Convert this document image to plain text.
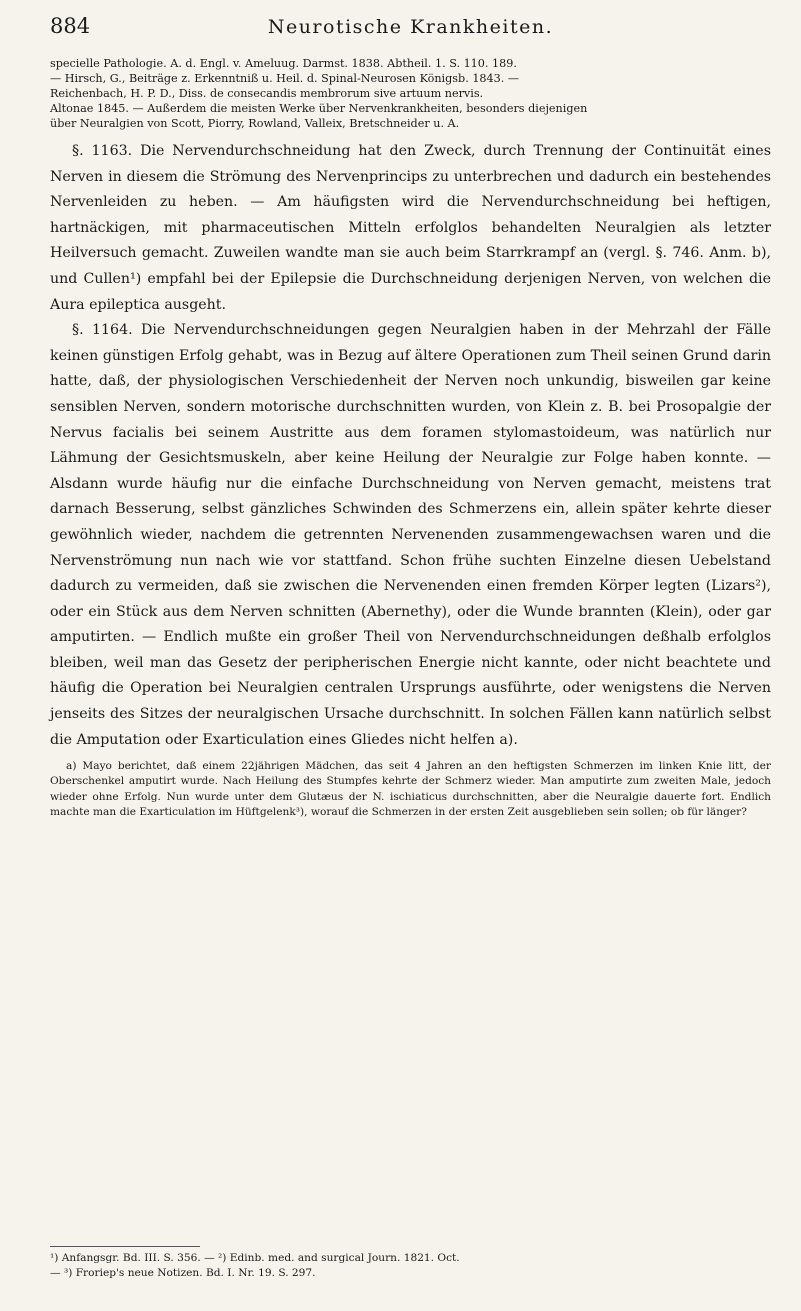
884	Neurotische Krankheiten.

specielle Pathologie. A. d. Engl. v. Ameluug. Darmst. 1838. Abtheil. 1. S. 110. 189.

— Hirsch, G., Beiträge z. Erkenntniß u. Heil. d. Spinal-Neurosen Königsb. 1843. —

Reichenbach, H. P. D., Diss. de consecandis membrorum sive artuum nervis.

Altonae 1845. — Außerdem die meisten Werke über Nervenkrankheiten, besonders diejenigen

über Neuralgien von Scott, Piorry, Rowland, Valleix, Bretschneider u. A.

§. 1163. Die Nervendurchschneidung hat den Zweck, durch Trennung der Continuität eines Nerven in diesem die Strömung des Nervenprincips zu unterbrechen und dadurch ein bestehendes Nervenleiden zu heben. — Am häufigsten wird die Nervendurchschneidung bei heftigen, hartnäckigen, mit pharmaceutischen Mitteln erfolglos behandelten Neuralgien als letzter Heilversuch gemacht. Zuweilen wandte man sie auch beim Starrkrampf an (vergl. §. 746. Anm. b), und Cullen¹) empfahl bei der Epilepsie die Durchschneidung derjenigen Nerven, von welchen die Aura epileptica ausgeht.

§. 1164. Die Nervendurchschneidungen gegen Neuralgien haben in der Mehrzahl der Fälle keinen günstigen Erfolg gehabt, was in Bezug auf ältere Operationen zum Theil seinen Grund darin hatte, daß, der physiologischen Verschiedenheit der Nerven noch unkundig, bisweilen gar keine sensiblen Nerven, sondern motorische durchschnitten wurden, von Klein z. B. bei Prosopalgie der Nervus facialis bei seinem Austritte aus dem foramen stylomastoideum, was natürlich nur Lähmung der Gesichtsmuskeln, aber keine Heilung der Neuralgie zur Folge haben konnte. — Alsdann wurde häufig nur die einfache Durchschneidung von Nerven gemacht, meistens trat darnach Besserung, selbst gänzliches Schwinden des Schmerzens ein, allein später kehrte dieser gewöhnlich wieder, nachdem die getrennten Nervenenden zusammengewachsen waren und die Nervenströmung nun nach wie vor stattfand. Schon frühe suchten Einzelne diesen Uebelstand dadurch zu vermeiden, daß sie zwischen die Nervenenden einen fremden Körper legten (Lizars²), oder ein Stück aus dem Nerven schnitten (Abernethy), oder die Wunde brannten (Klein), oder gar amputirten. — Endlich mußte ein großer Theil von Nervendurchschneidungen deßhalb erfolglos bleiben, weil man das Gesetz der peripherischen Energie nicht kannte, oder nicht beachtete und häufig die Operation bei Neuralgien centralen Ursprungs ausführte, oder wenigstens die Nerven jenseits des Sitzes der neuralgischen Ursache durchschnitt. In solchen Fällen kann natürlich selbst die Amputation oder Exarticulation eines Gliedes nicht helfen a).

a) Mayo berichtet, daß einem 22jährigen Mädchen, das seit 4 Jahren an den heftigsten Schmerzen im linken Knie litt, der Oberschenkel amputirt wurde. Nach Heilung des Stumpfes kehrte der Schmerz wieder. Man amputirte zum zweiten Male, jedoch wieder ohne Erfolg. Nun wurde unter dem Glutæus der N. ischiaticus durchschnitten, aber die Neuralgie dauerte fort. Endlich machte man die Exarticulation im Hüftgelenk³), worauf die Schmerzen in der ersten Zeit ausgeblieben sein sollen; ob für länger?

¹) Anfangsgr. Bd. III. S. 356. — ²) Edinb. med. and surgical Journ. 1821. Oct.

— ³) Froriep's neue Notizen. Bd. I. Nr. 19. S. 297.
